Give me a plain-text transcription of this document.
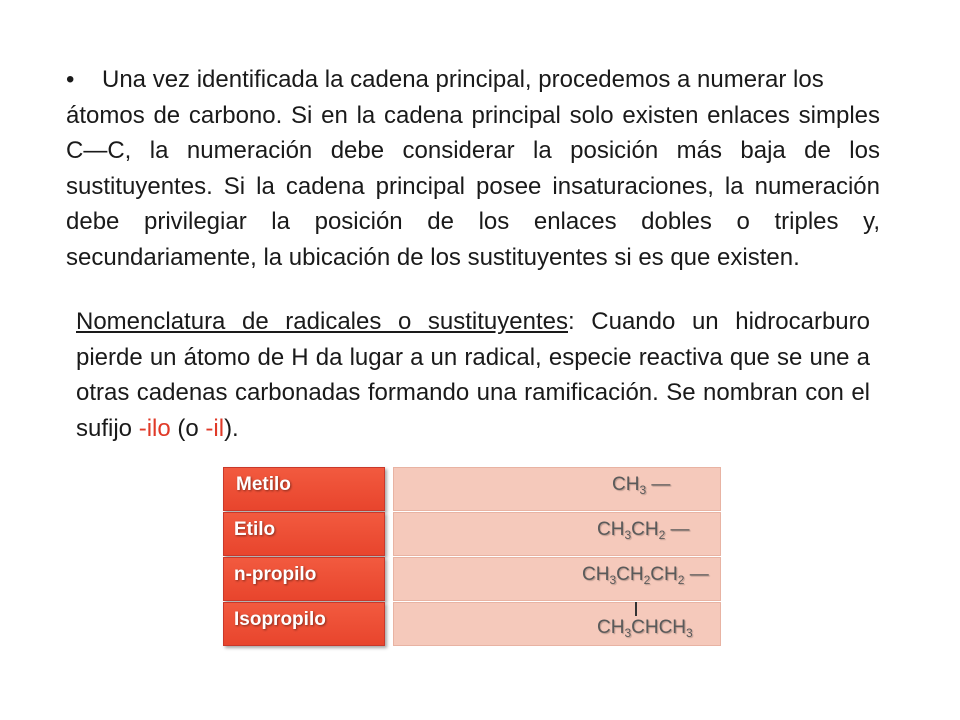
• Una vez identificada la cadena principal, procedemos a numerar los
átomos de carbono. Si en la cadena principal solo existen enlaces simples C—C, la numeración debe considerar la posición más baja de los sustituyentes. Si la cadena principal posee insaturaciones, la numeración debe privilegiar la posición de los enlaces dobles o triples y, secundariamente, la ubicación de los sustituyentes si es que existen.
Nomenclatura de radicales o sustituyentes: Cuando un hidrocarburo pierde un átomo de H da lugar a un radical, especie reactiva que se une a otras cadenas carbonadas formando una ramificación. Se nombran con el sufijo -ilo (o -il).
Metilo	$CH_3$ —
Etilo	$CH_3CH_2$ —
n-propilo	$CH_3CH_2CH_2$ —
Isopropilo	$CH_3CHCH_3$
